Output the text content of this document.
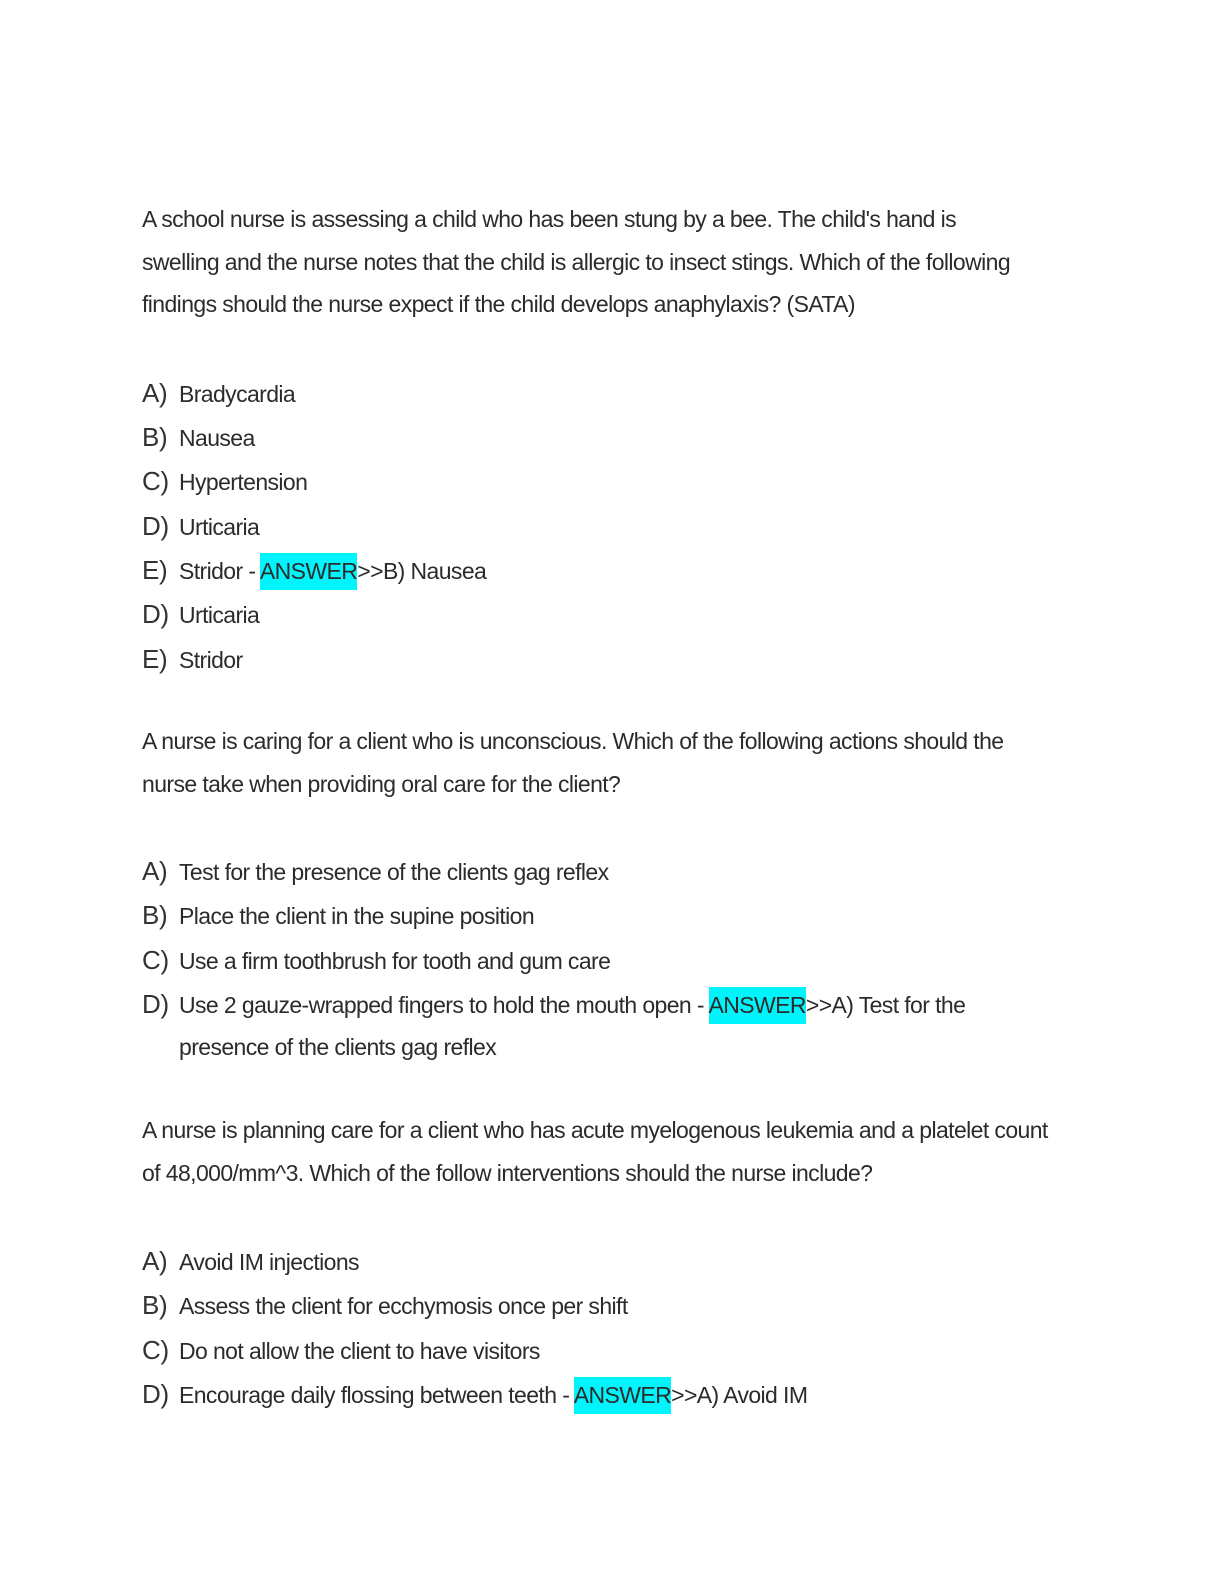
A school nurse is assessing a child who has been stung by a bee. The child's hand is swelling and the nurse notes that the child is allergic to insect stings. Which of the following findings should the nurse expect if the child develops anaphylaxis? (SATA)

A) Bradycardia
B) Nausea
C) Hypertension
D) Urticaria
E) Stridor - ANSWER>>B) Nausea
D) Urticaria
E) Stridor

A nurse is caring for a client who is unconscious. Which of the following actions should the nurse take when providing oral care for the client?

A) Test for the presence of the clients gag reflex
B) Place the client in the supine position
C) Use a firm toothbrush for tooth and gum care
D) Use 2 gauze-wrapped fingers to hold the mouth open - ANSWER>>A) Test for the
presence of the clients gag reflex

A nurse is planning care for a client who has acute myelogenous leukemia and a platelet count of 48,000/mm^3. Which of the follow interventions should the nurse include?

A) Avoid IM injections
B) Assess the client for ecchymosis once per shift
C) Do not allow the client to have visitors
D) Encourage daily flossing between teeth - ANSWER>>A) Avoid IM
